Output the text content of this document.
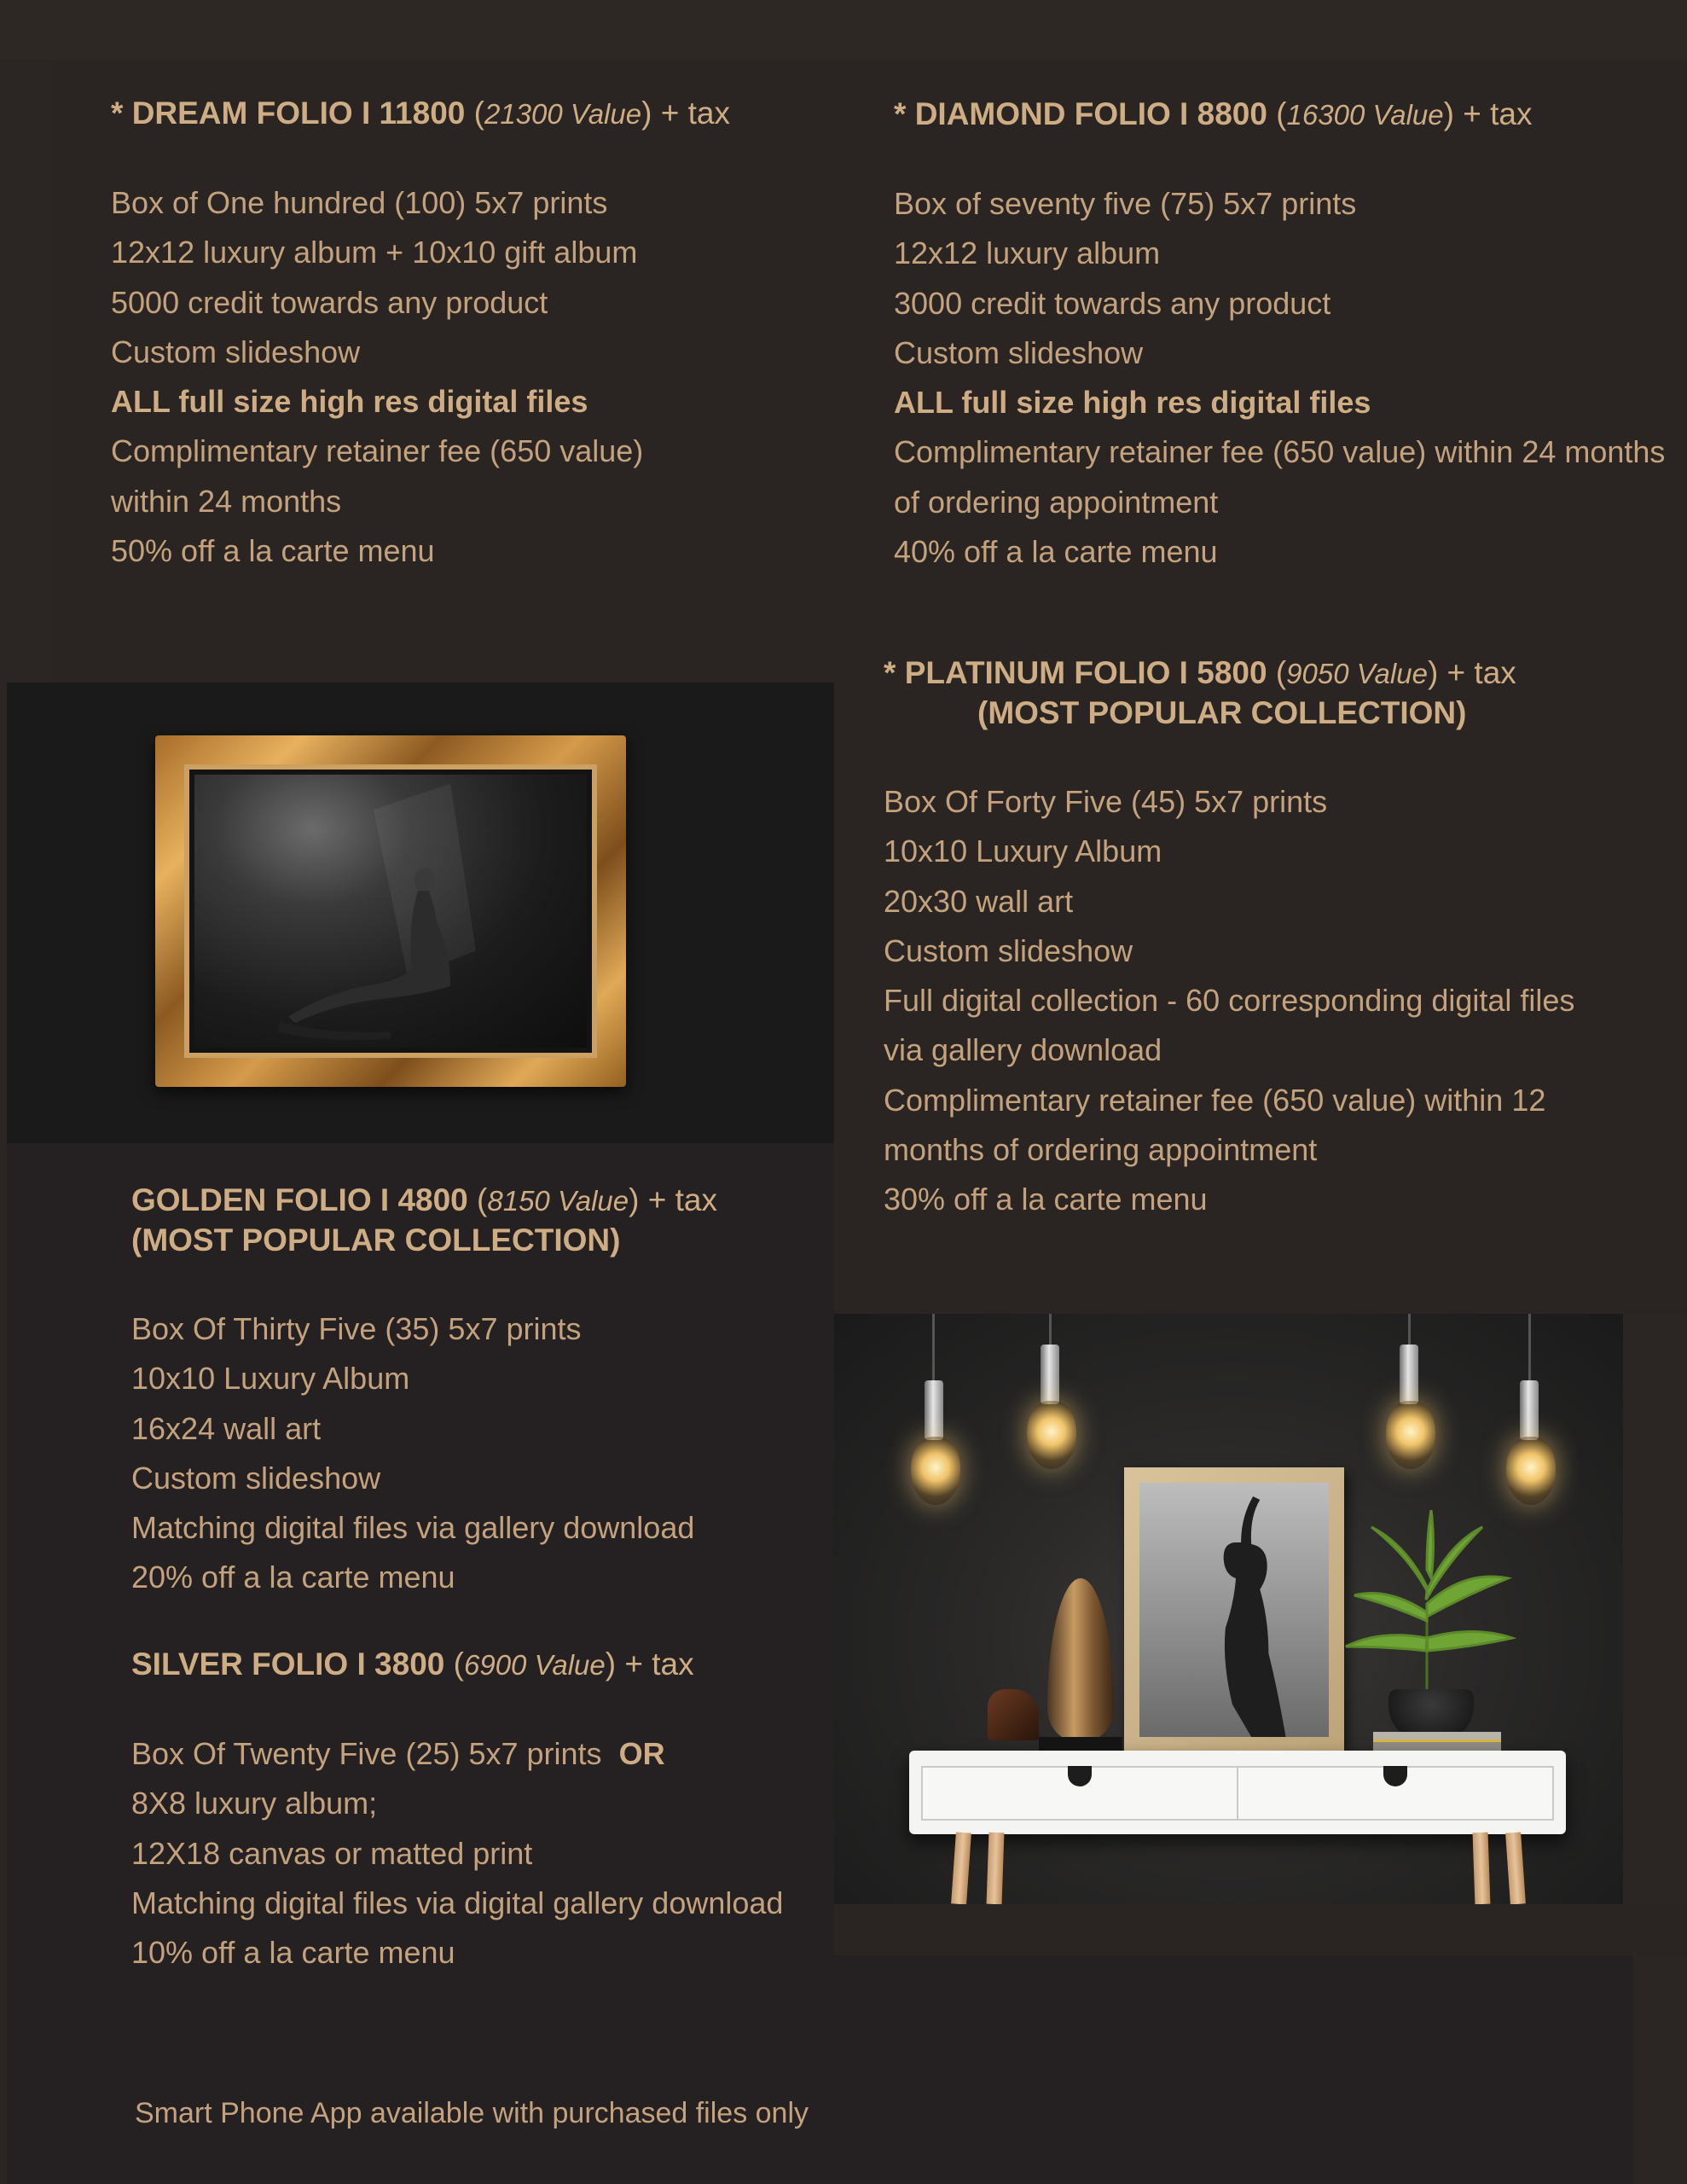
* DREAM FOLIO I 11800 (21300 Value) + tax
Box of One hundred (100) 5x7 prints
12x12 luxury album + 10x10 gift album
5000 credit towards any product
Custom slideshow
ALL full size high res digital files
Complimentary retainer fee (650 value)
within 24 months
50% off a la carte menu
* DIAMOND FOLIO I 8800 (16300 Value) + tax
Box of seventy five (75) 5x7 prints
12x12 luxury album
3000 credit towards any product
Custom slideshow
ALL full size high res digital files
Complimentary retainer fee (650 value) within 24 months
of ordering appointment
40% off a la carte menu
* PLATINUM FOLIO I 5800 (9050 Value) + tax
(MOST POPULAR COLLECTION)
Box Of Forty Five (45) 5x7 prints
10x10 Luxury Album
20x30 wall art
Custom slideshow
Full digital collection - 60 corresponding digital files
via gallery download
Complimentary retainer fee (650 value) within 12
months of ordering appointment
30% off a la carte menu
GOLDEN FOLIO I 4800 (8150 Value) + tax
(MOST POPULAR COLLECTION)
Box Of Thirty Five (35) 5x7 prints
10x10 Luxury Album
16x24 wall art
Custom slideshow
Matching digital files via gallery download
20% off a la carte menu
SILVER FOLIO I 3800 (6900 Value) + tax
Box Of Twenty Five (25) 5x7 prints OR
8X8 luxury album;
12X18 canvas or matted print
Matching digital files via digital gallery download
10% off a la carte menu
Smart Phone App available with purchased files only
